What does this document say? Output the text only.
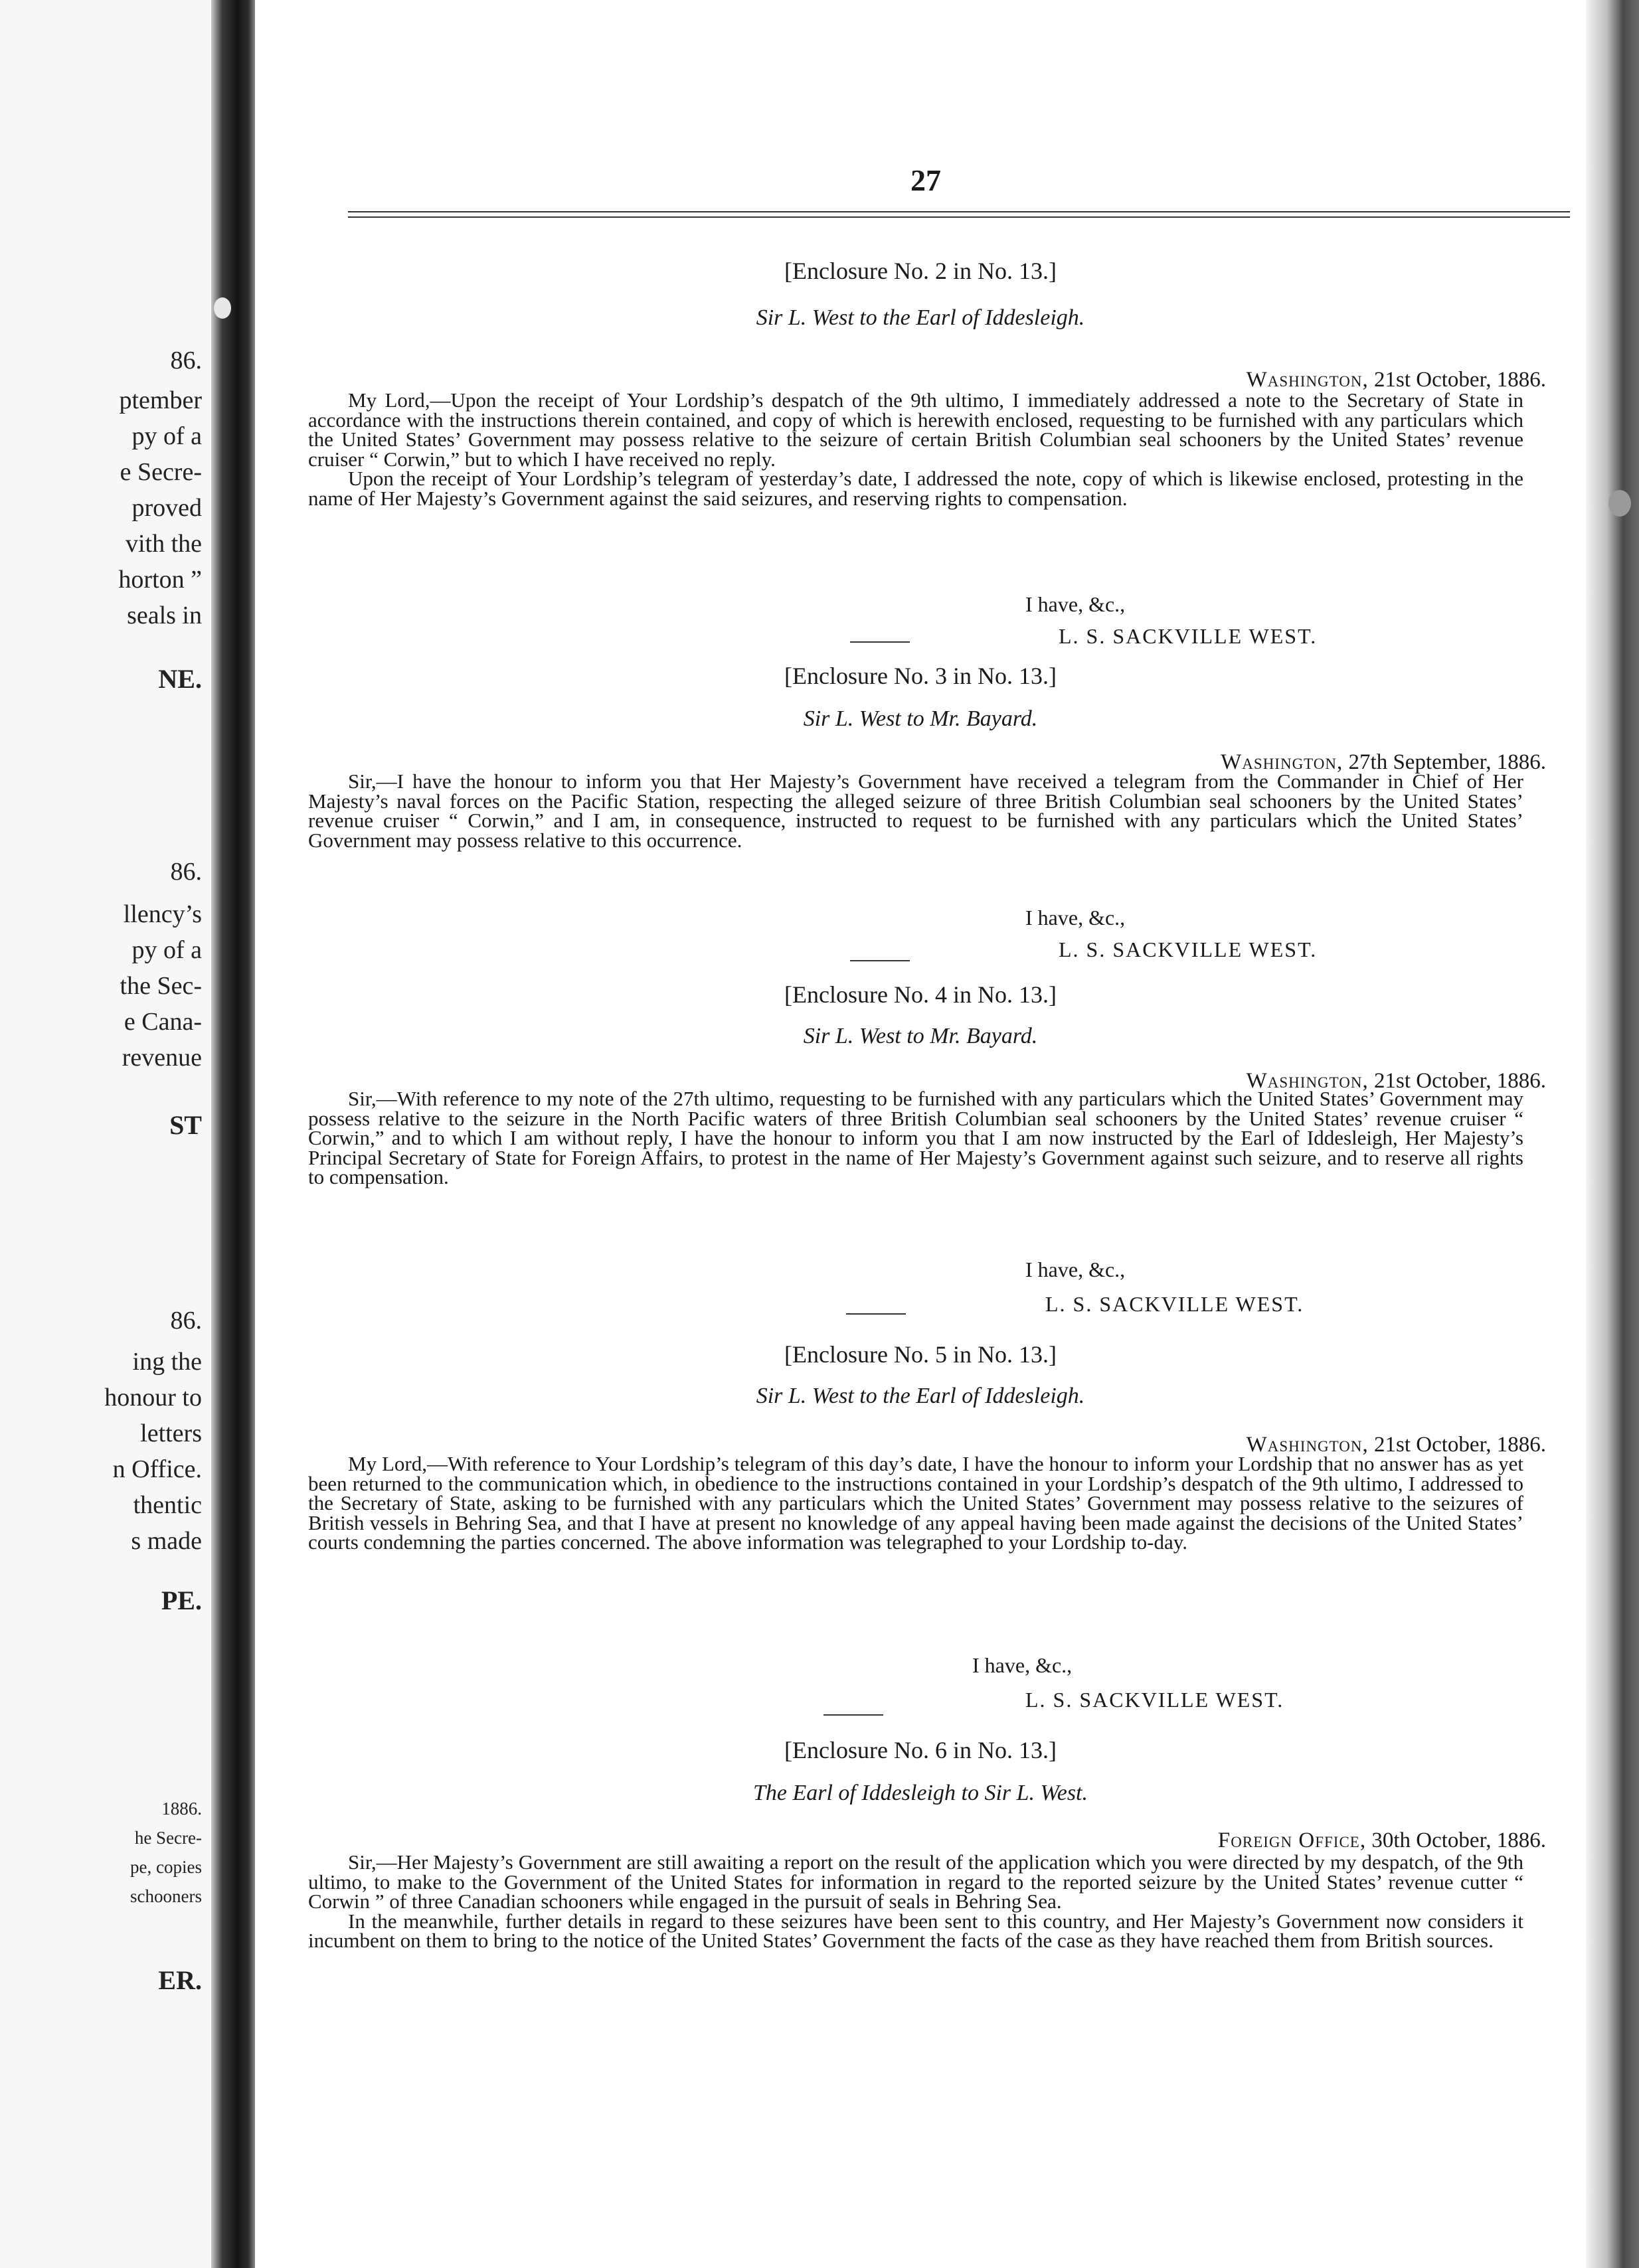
86.
ptember
py of a
e Secre-
proved
vith the
horton ”
seals in
NE.
86.
llency’s
py of a
the Sec-
e Cana-
revenue
ST
86.
ing the
honour to
letters
n Office.
thentic
s made
PE.
1886.
he Secre-
pe, copies
schooners
ER.
27
[Enclosure No. 2 in No. 13.]
Sir L. West to the Earl of Iddesleigh.
Washington, 21st October, 1886.

My Lord,—Upon the receipt of Your Lordship’s despatch of the 9th ultimo, I immediately addressed a note to the Secretary of State in accordance with the instructions therein contained, and copy of which is herewith enclosed, requesting to be furnished with any particulars which the United States’ Government may possess relative to the seizure of certain British Columbian seal schooners by the United States’ revenue cruiser “ Corwin,” but to which I have received no reply.

Upon the receipt of Your Lordship’s telegram of yesterday’s date, I addressed the note, copy of which is likewise enclosed, protesting in the name of Her Majesty’s Government against the said seizures, and reserving rights to compensation.

I have, &c.,
L. S. SACKVILLE WEST.
[Enclosure No. 3 in No. 13.]
Sir L. West to Mr. Bayard.
Washington, 27th September, 1886.

Sir,—I have the honour to inform you that Her Majesty’s Government have received a telegram from the Commander in Chief of Her Majesty’s naval forces on the Pacific Station, respecting the alleged seizure of three British Columbian seal schooners by the United States’ revenue cruiser “ Corwin,” and I am, in consequence, instructed to request to be furnished with any particulars which the United States’ Government may possess relative to this occurrence.

I have, &c.,
L. S. SACKVILLE WEST.
[Enclosure No. 4 in No. 13.]
Sir L. West to Mr. Bayard.
Washington, 21st October, 1886.

Sir,—With reference to my note of the 27th ultimo, requesting to be furnished with any particulars which the United States’ Government may possess relative to the seizure in the North Pacific waters of three British Columbian seal schooners by the United States’ revenue cruiser “ Corwin,” and to which I am without reply, I have the honour to inform you that I am now instructed by the Earl of Iddesleigh, Her Majesty’s Principal Secretary of State for Foreign Affairs, to protest in the name of Her Majesty’s Government against such seizure, and to reserve all rights to compensation.

I have, &c.,
L. S. SACKVILLE WEST.
[Enclosure No. 5 in No. 13.]
Sir L. West to the Earl of Iddesleigh.
Washington, 21st October, 1886.

My Lord,—With reference to Your Lordship’s telegram of this day’s date, I have the honour to inform your Lordship that no answer has as yet been returned to the communication which, in obedience to the instructions contained in your Lordship’s despatch of the 9th ultimo, I addressed to the Secretary of State, asking to be furnished with any particulars which the United States’ Government may possess relative to the seizures of British vessels in Behring Sea, and that I have at present no knowledge of any appeal having been made against the decisions of the United States’ courts condemning the parties concerned. The above information was telegraphed to your Lordship to-day.

I have, &c.,
L. S. SACKVILLE WEST.
[Enclosure No. 6 in No. 13.]
The Earl of Iddesleigh to Sir L. West.
Foreign Office, 30th October, 1886.

Sir,—Her Majesty’s Government are still awaiting a report on the result of the application which you were directed by my despatch, of the 9th ultimo, to make to the Government of the United States for information in regard to the reported seizure by the United States’ revenue cutter “ Corwin ” of three Canadian schooners while engaged in the pursuit of seals in Behring Sea.

In the meanwhile, further details in regard to these seizures have been sent to this country, and Her Majesty’s Government now considers it incumbent on them to bring to the notice of the United States’ Government the facts of the case as they have reached them from British sources.
